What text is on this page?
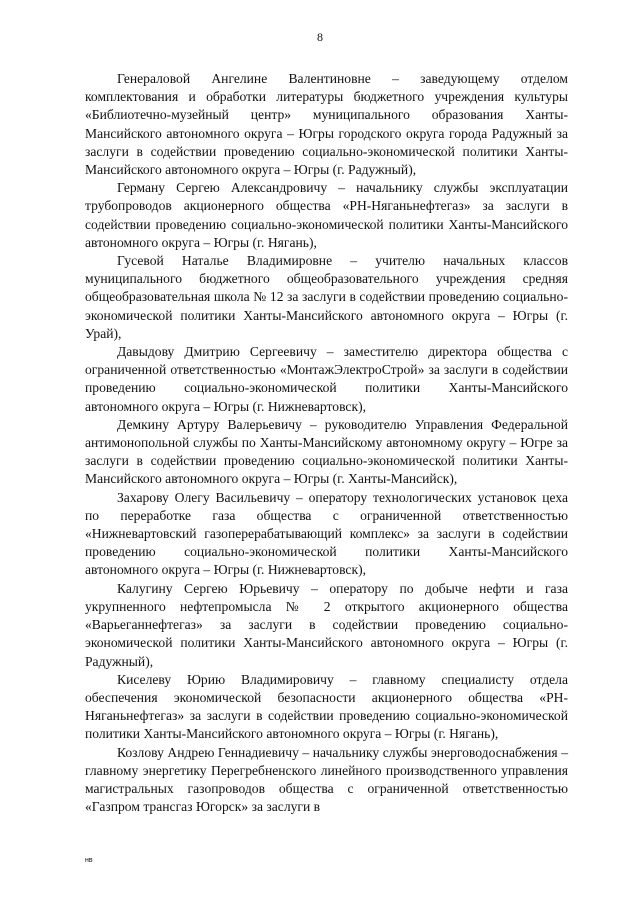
8

Генераловой Ангелине Валентиновне – заведующему отделом комплектования и обработки литературы бюджетного учреждения культуры «Библиотечно-музейный центр» муниципального образования Ханты-Мансийского автономного округа – Югры городского округа города Радужный за заслуги в содействии проведению социально-экономической политики Ханты-Мансийского автономного округа – Югры (г. Радужный),

Герману Сергею Александровичу – начальнику службы эксплуатации трубопроводов акционерного общества «РН-Няганьнефтегаз» за заслуги в содействии проведению социально-экономической политики Ханты-Мансийского автономного округа – Югры (г. Нягань),

Гусевой Наталье Владимировне – учителю начальных классов муниципального бюджетного общеобразовательного учреждения средняя общеобразовательная школа № 12 за заслуги в содействии проведению социально-экономической политики Ханты-Мансийского автономного округа – Югры (г. Урай),

Давыдову Дмитрию Сергеевичу – заместителю директора общества с ограниченной ответственностью «МонтажЭлектроСтрой» за заслуги в содействии проведению социально-экономической политики Ханты-Мансийского автономного округа – Югры (г. Нижневартовск),

Демкину Артуру Валерьевичу – руководителю Управления Федеральной антимонопольной службы по Ханты-Мансийскому автономному округу – Югре за заслуги в содействии проведению социально-экономической политики Ханты-Мансийского автономного округа – Югры (г. Ханты-Мансийск),

Захарову Олегу Васильевичу – оператору технологических установок цеха по переработке газа общества с ограниченной ответственностью «Нижневартовский газоперерабатывающий комплекс» за заслуги в содействии проведению социально-экономической политики Ханты-Мансийского автономного округа – Югры (г. Нижневартовск),

Калугину Сергею Юрьевичу – оператору по добыче нефти и газа укрупненного нефтепромысла № 2 открытого акционерного общества «Варьеганнефтегаз» за заслуги в содействии проведению социально-экономической политики Ханты-Мансийского автономного округа – Югры (г. Радужный),

Киселеву Юрию Владимировичу – главному специалисту отдела обеспечения экономической безопасности акционерного общества «РН-Няганьнефтегаз» за заслуги в содействии проведению социально-экономической политики Ханты-Мансийского автономного округа – Югры (г. Нягань),

Козлову Андрею Геннадиевичу – начальнику службы энерговодоснабжения – главному энергетику Перегребненского линейного производственного управления магистральных газопроводов общества с ограниченной ответственностью «Газпром трансгаз Югорск» за заслуги в

нв
